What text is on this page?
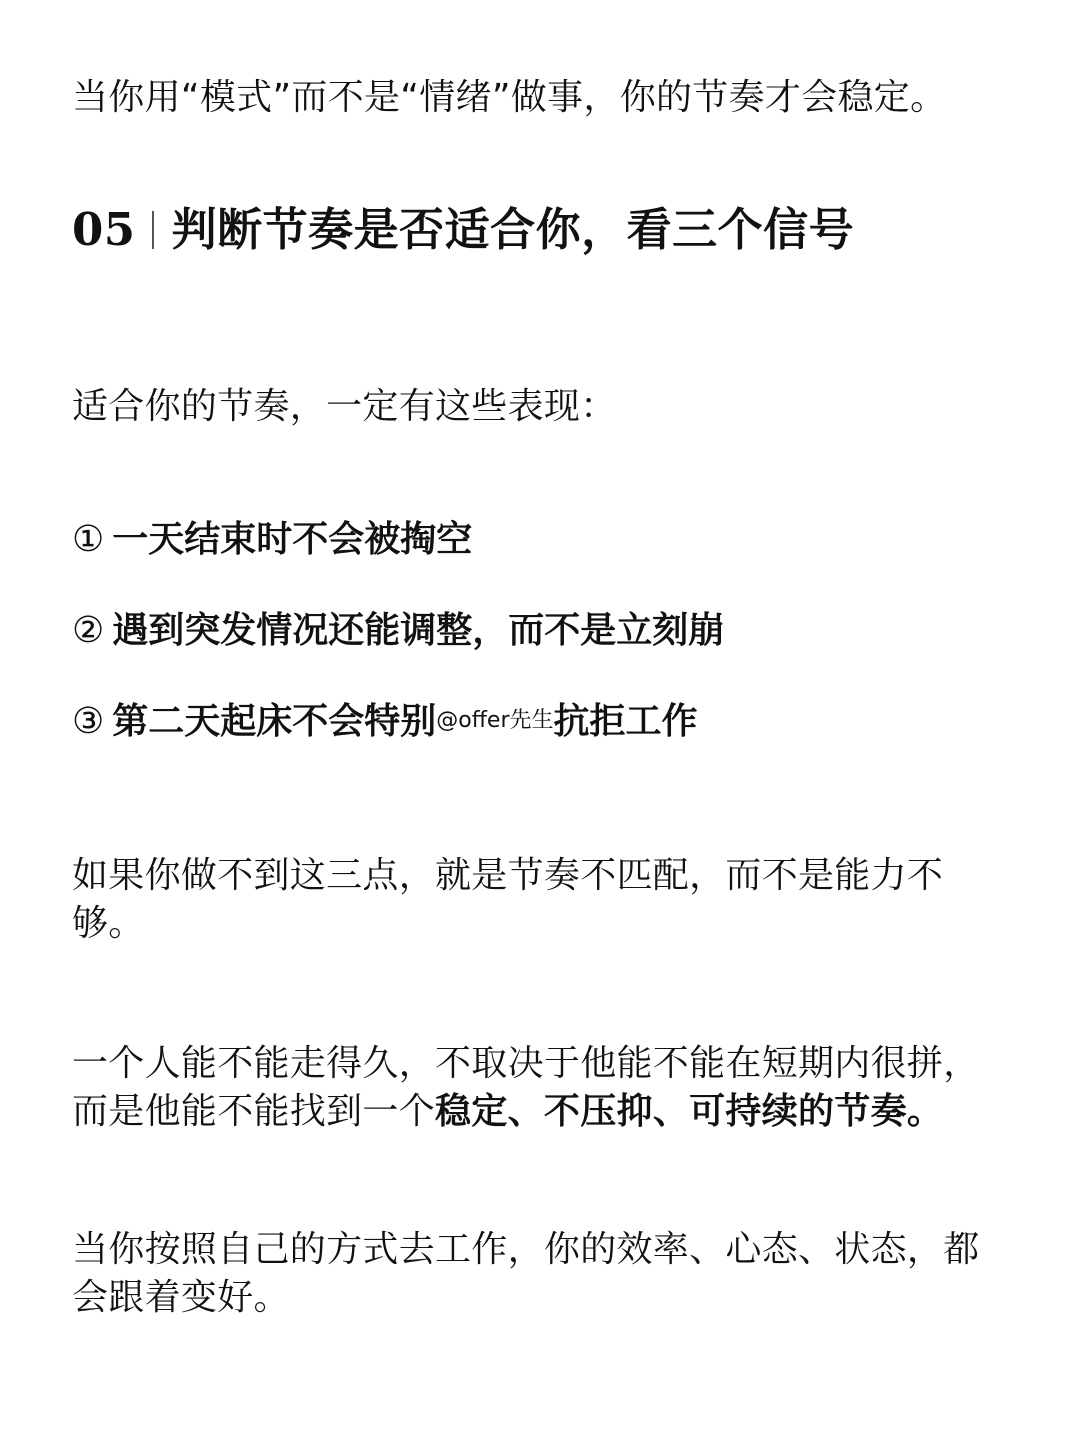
当你用“模式”而不是“情绪”做事，你的节奏才会稳定。

05 判断节奏是否适合你，看三个信号

适合你的节奏，一定有这些表现：

① 一天结束时不会被掏空
② 遇到突发情况还能调整，而不是立刻崩
③ 第二天起床不会特别@offer先生抗拒工作

如果你做不到这三点，就是节奏不匹配，而不是能力不
够。

一个人能不能走得久，不取决于他能不能在短期内很拼，
而是他能不能找到一个稳定、不压抑、可持续的节奏。

当你按照自己的方式去工作，你的效率、心态、状态，都
会跟着变好。
